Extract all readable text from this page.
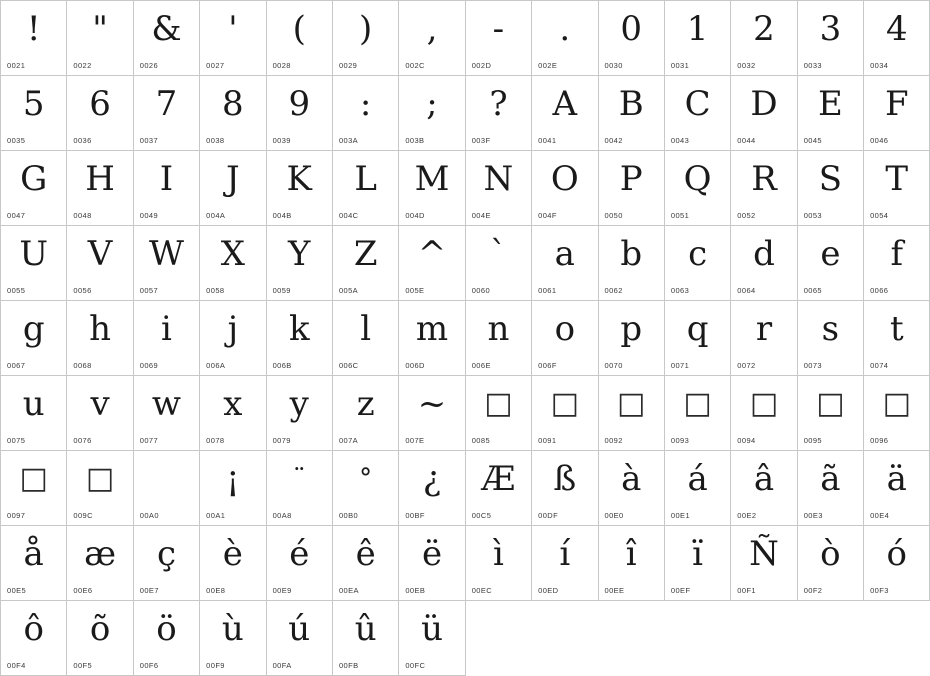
!
0021
"
0022
&
0026
'
0027
(
0028
)
0029
,
002C
-
002D
.
002E
0
0030
1
0031
2
0032
3
0033
4
0034
5
0035
6
0036
7
0037
8
0038
9
0039
:
003A
;
003B
?
003F
A
0041
B
0042
C
0043
D
0044
E
0045
F
0046
G
0047
H
0048
I
0049
J
004A
K
004B
L
004C
M
004D
N
004E
O
004F
P
0050
Q
0051
R
0052
S
0053
T
0054
U
0055
V
0056
W
0057
X
0058
Y
0059
Z
005A
^
005E
`
0060
a
0061
b
0062
c
0063
d
0064
e
0065
f
0066
g
0067
h
0068
i
0069
j
006A
k
006B
l
006C
m
006D
n
006E
o
006F
p
0070
q
0071
r
0072
s
0073
t
0074
u
0075
v
0076
w
0077
x
0078
y
0079
z
007A
~
007E
□
0085
□
0091
□
0092
□
0093
□
0094
□
0095
□
0096
□
0097
□
009C	00A0
¡
00A1
¨
00A8
°
00B0
¿
00BF
Æ
00C5
ß
00DF
à
00E0
á
00E1
â
00E2
ã
00E3
ä
00E4
å
00E5
æ
00E6
ç
00E7
è
00E8
é
00E9
ê
00EA
ë
00EB
ì
00EC
í
00ED
î
00EE
ï
00EF
Ñ
00F1
ò
00F2
ó
00F3
ô
00F4
õ
00F5
ö
00F6
ù
00F9
ú
00FA
û
00FB
ü
00FC
